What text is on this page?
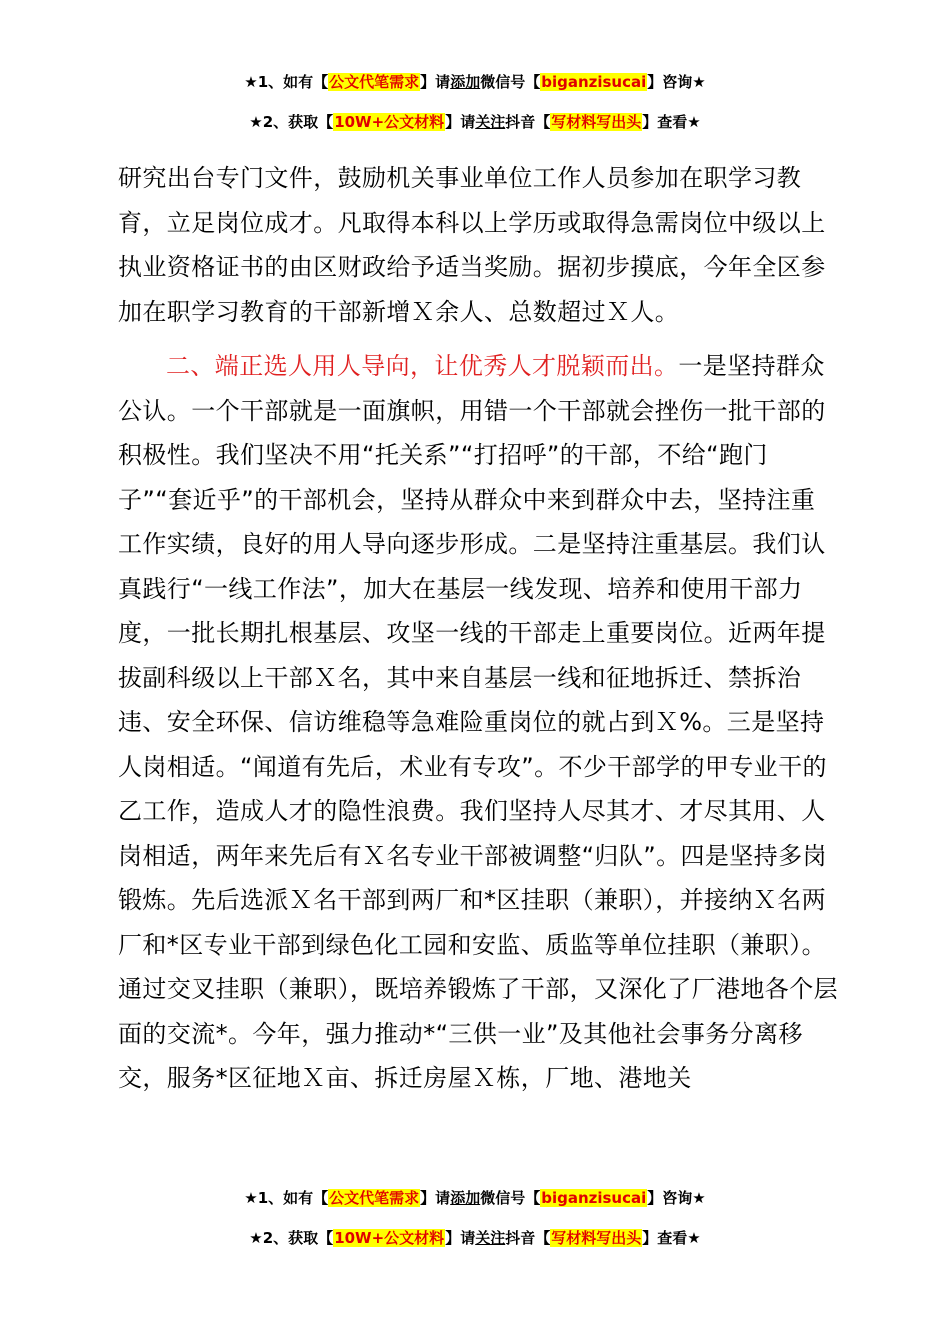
★1、如有【公文代笔需求】请添加微信号【biganzisucai】咨询★
★2、获取【10W+公文材料】请关注抖音【写材料写出头】查看★

研究出台专门文件，鼓励机关事业单位工作人员参加在职学习教育，立足岗位成才。凡取得本科以上学历或取得急需岗位中级以上执业资格证书的由区财政给予适当奖励。据初步摸底，今年全区参加在职学习教育的干部新增Ｘ余人、总数超过Ｘ人。

二、端正选人用人导向，让优秀人才脱颖而出。一是坚持群众公认。一个干部就是一面旗帜，用错一个干部就会挫伤一批干部的积极性。我们坚决不用“托关系”“打招呼”的干部，不给“跑门子”“套近乎”的干部机会，坚持从群众中来到群众中去，坚持注重工作实绩，良好的用人导向逐步形成。二是坚持注重基层。我们认真践行“一线工作法”，加大在基层一线发现、培养和使用干部力度，一批长期扎根基层、攻坚一线的干部走上重要岗位。近两年提拔副科级以上干部Ｘ名，其中来自基层一线和征地拆迁、禁拆治违、安全环保、信访维稳等急难险重岗位的就占到Ｘ%。三是坚持人岗相适。“闻道有先后，术业有专攻”。不少干部学的甲专业干的乙工作，造成人才的隐性浪费。我们坚持人尽其才、才尽其用、人岗相适，两年来先后有Ｘ名专业干部被调整“归队”。四是坚持多岗锻炼。先后选派Ｘ名干部到两厂和*区挂职（兼职），并接纳Ｘ名两厂和*区专业干部到绿色化工园和安监、质监等单位挂职（兼职）。通过交叉挂职（兼职），既培养锻炼了干部，又深化了厂港地各个层面的交流*。今年，强力推动*“三供一业”及其他社会事务分离移交，服务*区征地Ｘ亩、拆迁房屋Ｘ栋，厂地、港地关

★1、如有【公文代笔需求】请添加微信号【biganzisucai】咨询★
★2、获取【10W+公文材料】请关注抖音【写材料写出头】查看★
